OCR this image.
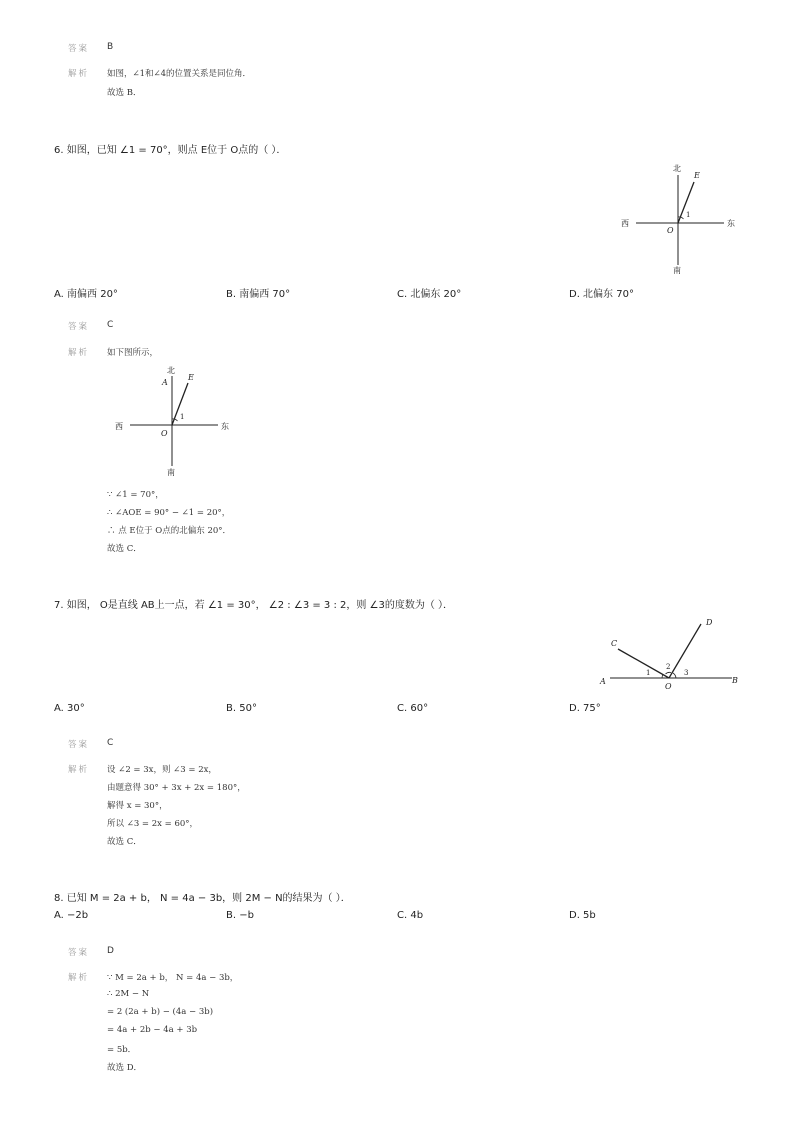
答案 B
解析 如图，∠1和∠4的位置关系是同位角．
故选 B．
6. 如图，已知 ∠1 = 70°，则点 E位于 O点的（ ）．
北
南
西	东
E
O
1
A. 南偏西 20°	B. 南偏西 70°	C. 北偏东 20°	D. 北偏东 70°
答案 C
解析 如下图所示，
北
南
西	东
A
E
O
1
∵ ∠1 = 70°，
∴ ∠AOE = 90° − ∠1 = 20°，
∴ 点 E位于 O点的北偏东 20°．
故选 C．
7. 如图， O是直线 AB上一点，若 ∠1 = 30°， ∠2 : ∠3 = 3 : 2，则 ∠3的度数为（ ）．
A	B
C
D
O
1
2
3
A. 30°	B. 50°	C. 60°	D. 75°
答案 C
解析 设 ∠2 = 3x，则 ∠3 = 2x，
由题意得 30° + 3x + 2x = 180°，
解得 x = 30°，
所以 ∠3 = 2x = 60°，
故选 C．
8. 已知 M = 2a + b， N = 4a − 3b，则 2M − N的结果为（ ）．
A. −2b	B. −b	C. 4b	D. 5b
答案 D
解析 ∵ M = 2a + b， N = 4a − 3b，
∴ 2M − N
= 2 (2a + b) − (4a − 3b)
= 4a + 2b − 4a + 3b
= 5b．
故选 D．
